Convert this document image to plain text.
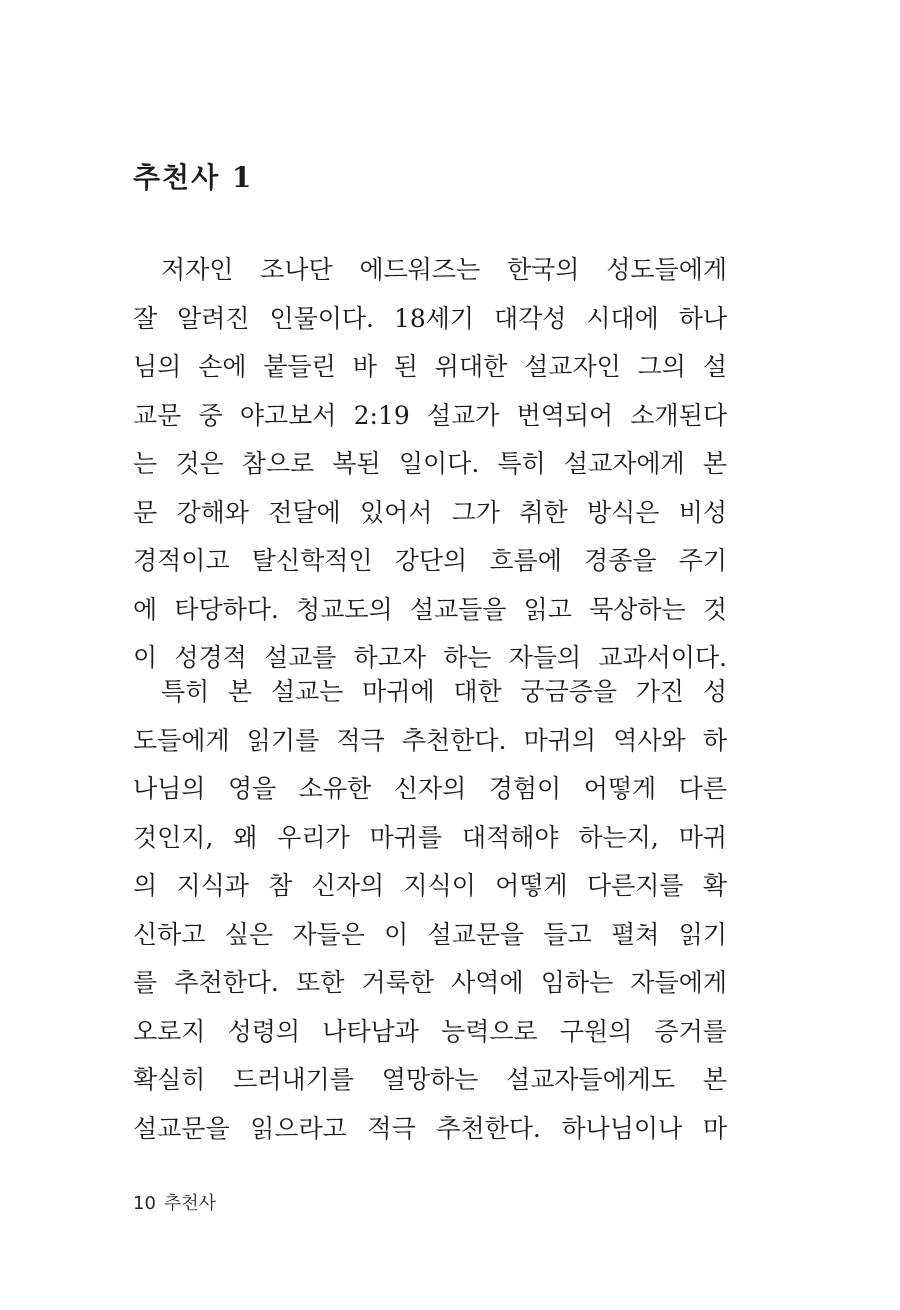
추천사 1
저자인 조나단 에드워즈는 한국의 성도들에게
잘 알려진 인물이다. 18세기 대각성 시대에 하나
님의 손에 붙들린 바 된 위대한 설교자인 그의 설
교문 중 야고보서 2:19 설교가 번역되어 소개된다
는 것은 참으로 복된 일이다. 특히 설교자에게 본
문 강해와 전달에 있어서 그가 취한 방식은 비성
경적이고 탈신학적인 강단의 흐름에 경종을 주기
에 타당하다. 청교도의 설교들을 읽고 묵상하는 것
이 성경적 설교를 하고자 하는 자들의 교과서이다.
특히 본 설교는 마귀에 대한 궁금증을 가진 성
도들에게 읽기를 적극 추천한다. 마귀의 역사와 하
나님의 영을 소유한 신자의 경험이 어떻게 다른
것인지, 왜 우리가 마귀를 대적해야 하는지, 마귀
의 지식과 참 신자의 지식이 어떻게 다른지를 확
신하고 싶은 자들은 이 설교문을 들고 펼쳐 읽기
를 추천한다. 또한 거룩한 사역에 임하는 자들에게
오로지 성령의 나타남과 능력으로 구원의 증거를
확실히 드러내기를 열망하는 설교자들에게도 본
설교문을 읽으라고 적극 추천한다. 하나님이나 마
10 추천사
